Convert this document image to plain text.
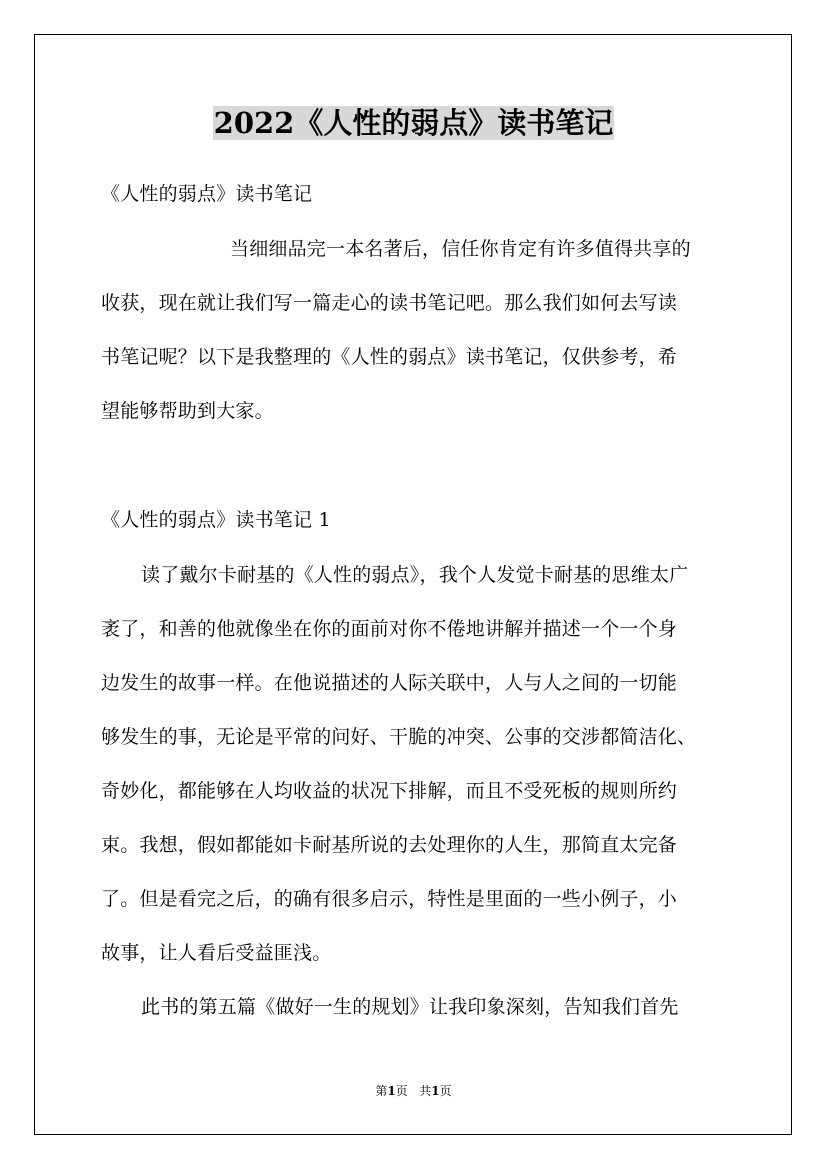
2022《人性的弱点》读书笔记
《人性的弱点》读书笔记
当细细品完一本名著后，信任你肯定有许多值得共享的
收获，现在就让我们写一篇走心的读书笔记吧。那么我们如何去写读
书笔记呢？以下是我整理的《人性的弱点》读书笔记，仅供参考，希
望能够帮助到大家。
《人性的弱点》读书笔记 1
读了戴尔卡耐基的《人性的弱点》，我个人发觉卡耐基的思维太广
袤了，和善的他就像坐在你的面前对你不倦地讲解并描述一个一个身
边发生的故事一样。在他说描述的人际关联中，人与人之间的一切能
够发生的事，无论是平常的问好、干脆的冲突、公事的交涉都简洁化、
奇妙化，都能够在人均收益的状况下排解，而且不受死板的规则所约
束。我想，假如都能如卡耐基所说的去处理你的人生，那简直太完备
了。但是看完之后，的确有很多启示，特性是里面的一些小例子，小
故事，让人看后受益匪浅。
此书的第五篇《做好一生的规划》让我印象深刻，告知我们首先
第1页 共1页
